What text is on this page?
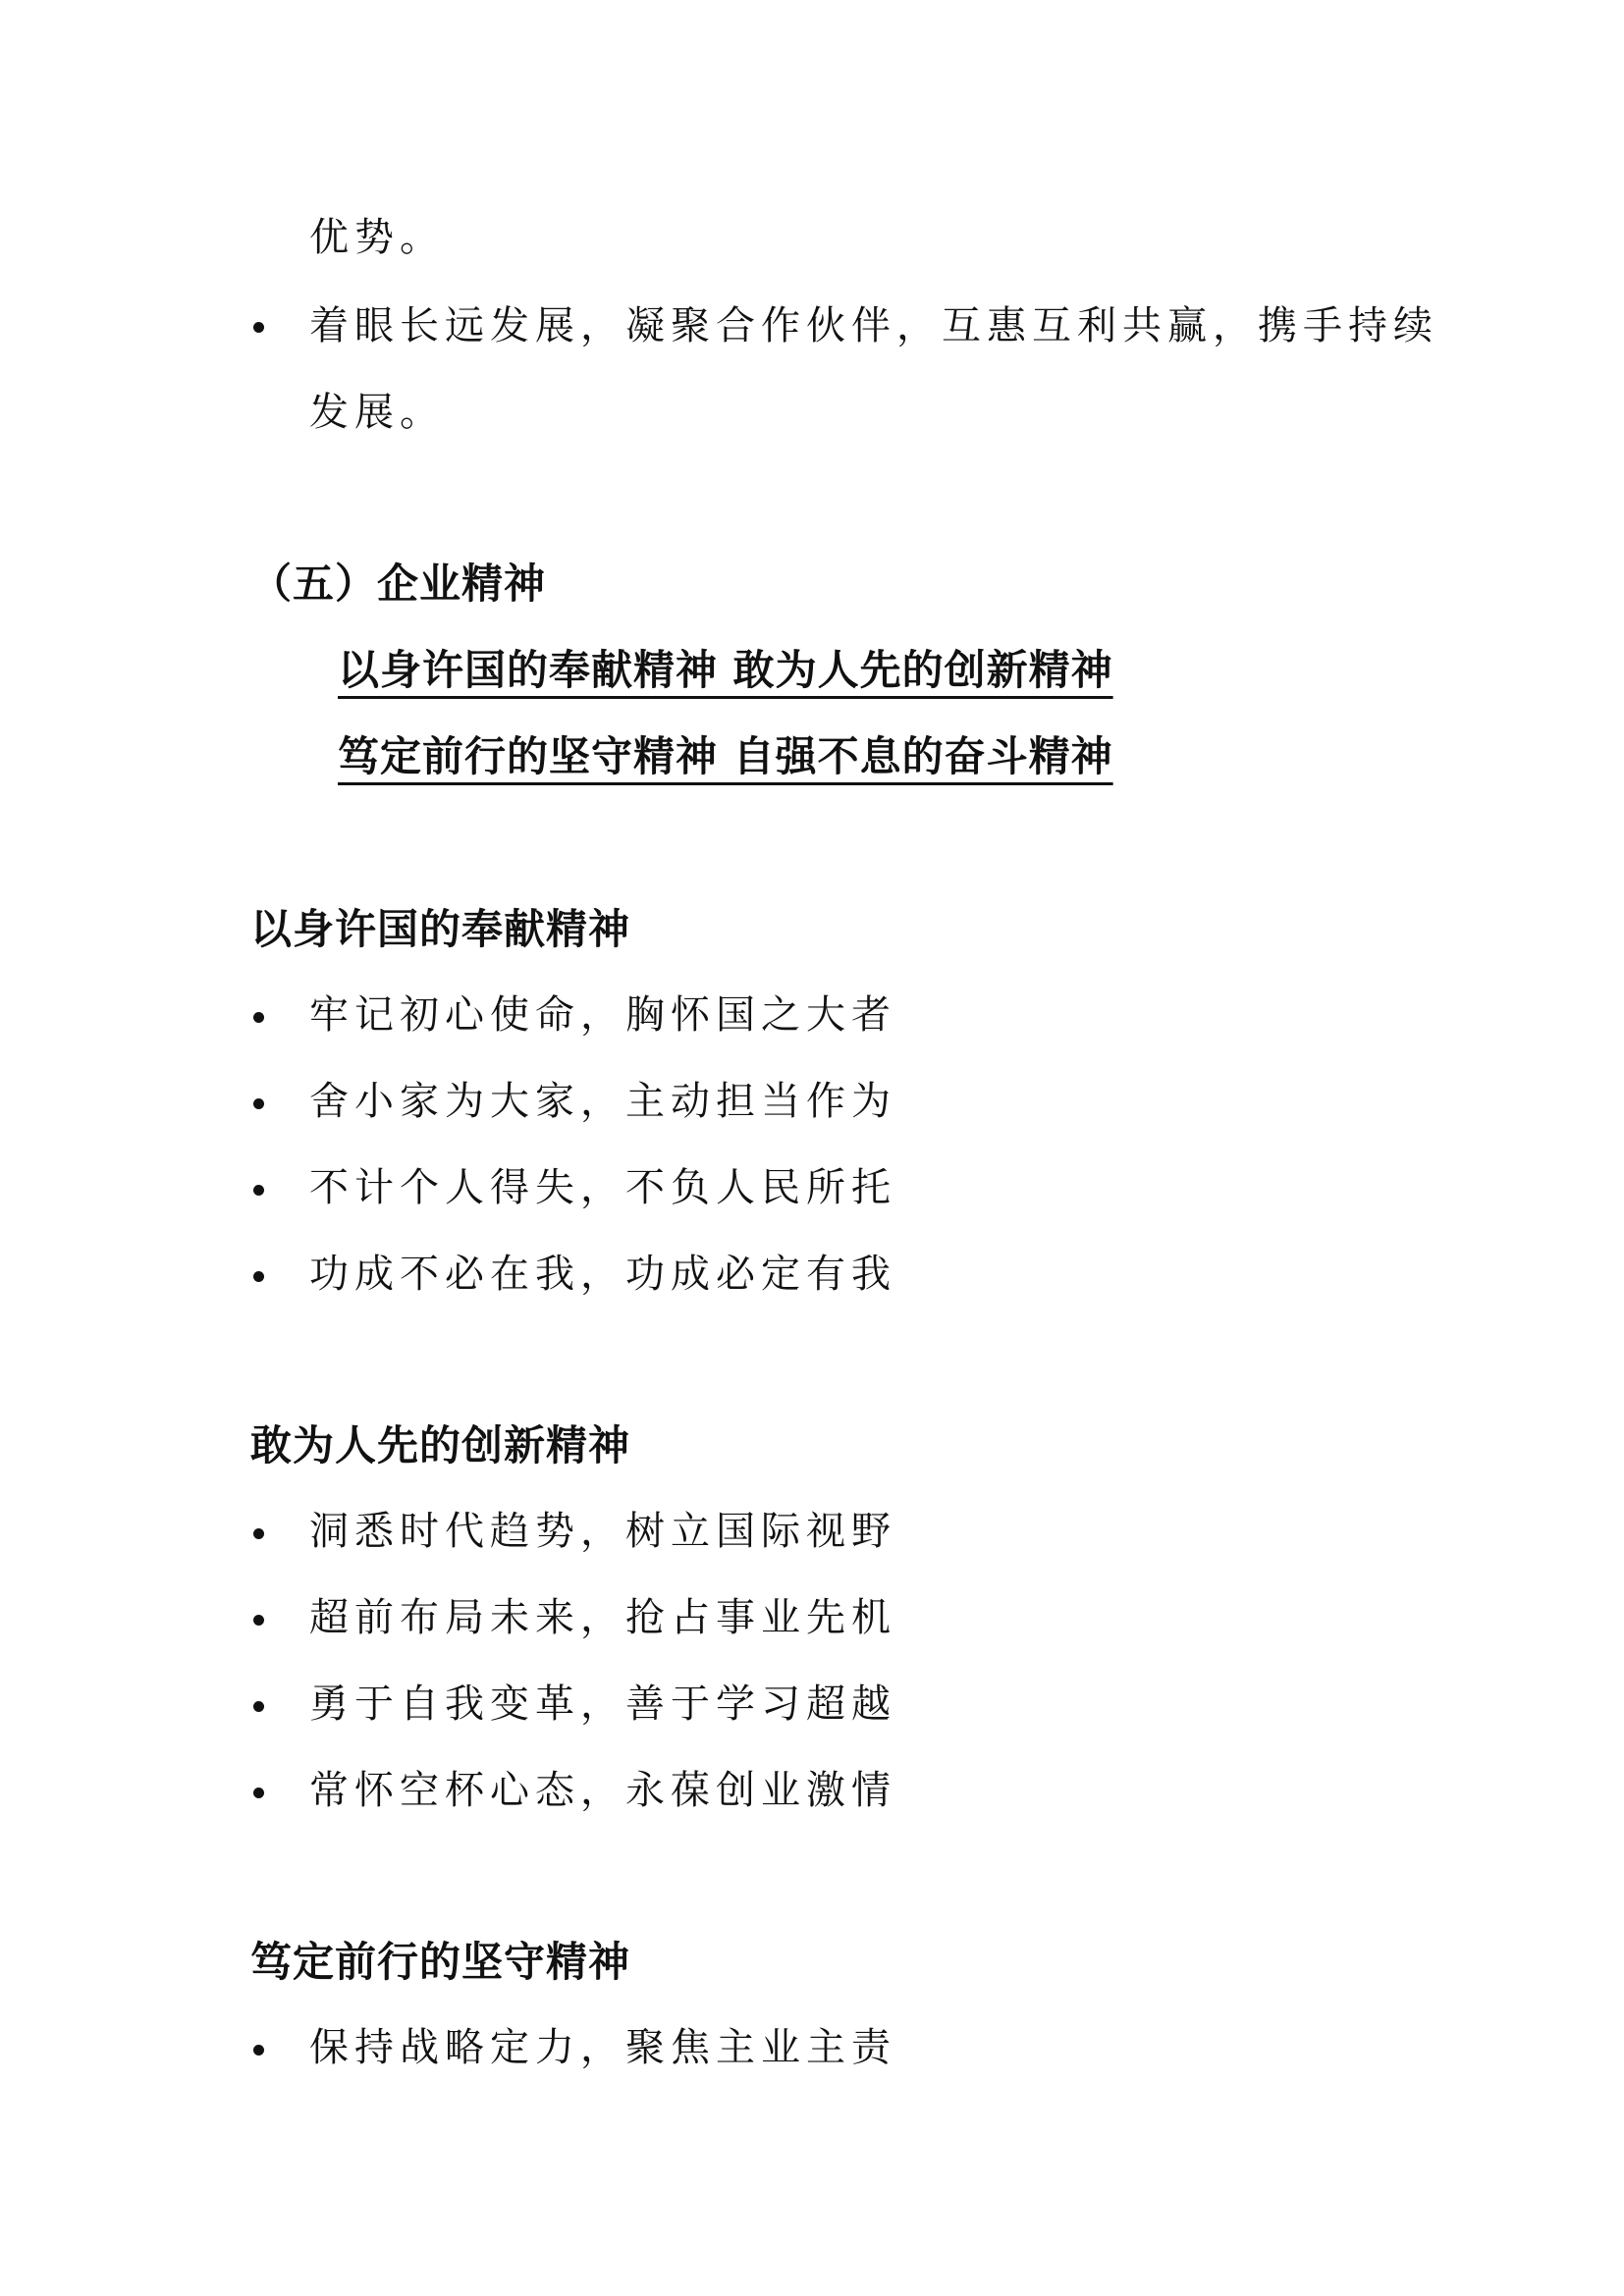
优势。
着眼长远发展，凝聚合作伙伴，互惠互利共赢，携手持续
发展。
（五）企业精神
以身许国的奉献精神 敢为人先的创新精神
笃定前行的坚守精神 自强不息的奋斗精神
以身许国的奉献精神
牢记初心使命，胸怀国之大者
舍小家为大家，主动担当作为
不计个人得失，不负人民所托
功成不必在我，功成必定有我
敢为人先的创新精神
洞悉时代趋势，树立国际视野
超前布局未来，抢占事业先机
勇于自我变革，善于学习超越
常怀空杯心态，永葆创业激情
笃定前行的坚守精神
保持战略定力，聚焦主业主责
